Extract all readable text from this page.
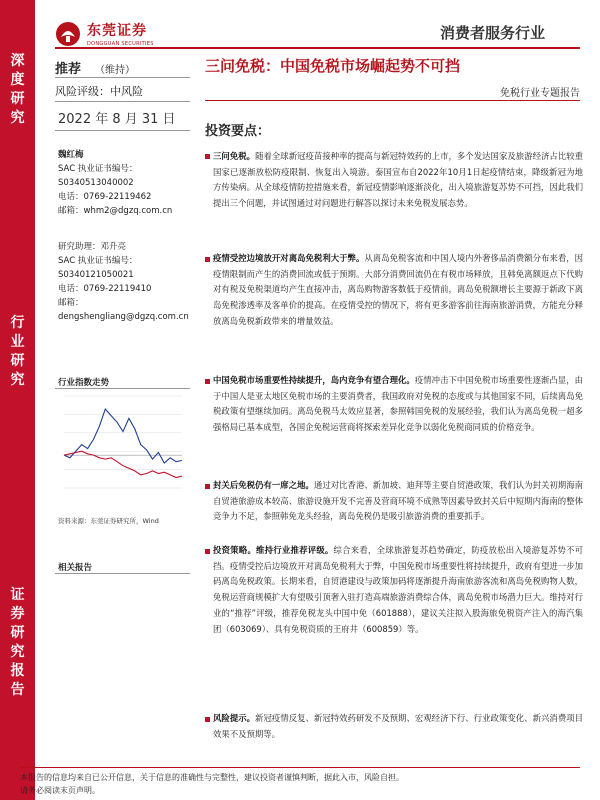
深
度
研
究
行
业
研
究
证
券
研
究
报
告
东莞证券
DONGGUAN SECURITIES
消费者服务行业
推荐 （维持）
风险评级：中风险
2022 年 8 月 31 日
魏红梅
SAC 执业证书编号：
S0340513040002
电话：0769-22119462
邮箱：whm2@dgzq.com.cn
研究助理：邓升亮
SAC 执业证书编号：
S0340121050021
电话：0769-22119410
邮箱：
dengshengliang@dgzq.com.cn
行业指数走势
资料来源：东莞证券研究所，Wind
相关报告
三问免税：中国免税市场崛起势不可挡
免税行业专题报告
投资要点：
三问免税。随着全球新冠疫苗接种率的提高与新冠特效药的上市，多个发达国家及旅游经济占比较重国家已逐渐放松防疫限制、恢复出入境游。泰国宣布自2022年10月1日起疫情结束，降级新冠为地方传染病。从全球疫情防控措施来看，新冠疫情影响逐渐淡化，出入境旅游复苏势不可挡，因此我们提出三个问题，并试图通过对问题进行解答以探讨未来免税发展态势。
疫情受控边境放开对离岛免税利大于弊。从离岛免税客流和中国人境内外奢侈品消费额分布来看，因疫情限制而产生的消费回流或低于预期。大部分消费回流仍在有税市场释放，且韩免离额返点下代购对有税及免税渠道均产生直接冲击，离岛购物游客数低于疫情前，离岛免税额增长主要源于新政下离岛免税渗透率及客单价的提高。在疫情受控的情况下，将有更多游客前往海南旅游消费，方能充分释放离岛免税新政带来的增量效益。
中国免税市场重要性持续提升，岛内竞争有望合理化。疫情冲击下中国免税市场重要性逐渐凸显，由于中国人是亚太地区免税市场的主要消费者，我国政府对免税的态度或与其他国家不同，后续离岛免税政策有望继续加码。离岛免税马太效应显著，参照韩国免税的发展经验，我们认为离岛免税一超多强格局已基本成型，各国企免税运营商将探索差异化竞争以弱化免税商同质的价格竞争。
封关后免税仍有一席之地。通过对比香港、新加坡、迪拜等主要自贸港政策，我们认为封关初期海南自贸港旅游成本较高、旅游设施开发不完善及营商环境不成熟等因素导致封关后中短期内海南的整体竞争力不足，参照韩免龙头经验，离岛免税仍是吸引旅游消费的重要抓手。
投资策略。维持行业推荐评级。综合来看，全球旅游复苏趋势确定，防疫放松出入境游复苏势不可挡。疫情受控后边境放开对离岛免税利大于弊，中国免税市场重要性将持续提升，政府有望进一步加码离岛免税政策。长期来看，自贸港建设与政策加码将逐渐提升海南旅游客流和离岛免税购物人数，免税运营商规模扩大有望吸引顶奢入驻打造高端旅游消费综合体，离岛免税市场潜力巨大。维持对行业的“推荐”评级，推荐免税龙头中国中免（601888），建议关注拟入股海旅免税资产注入的海汽集团（603069）、具有免税资质的王府井（600859）等。
风险提示。新冠疫情反复、新冠特效药研发不及预期、宏观经济下行、行业政策变化、新兴消费项目效果不及预期等。
本报告的信息均来自已公开信息，关于信息的准确性与完整性，建议投资者谨慎判断，据此入市，风险自担。
请务必阅读末页声明。
